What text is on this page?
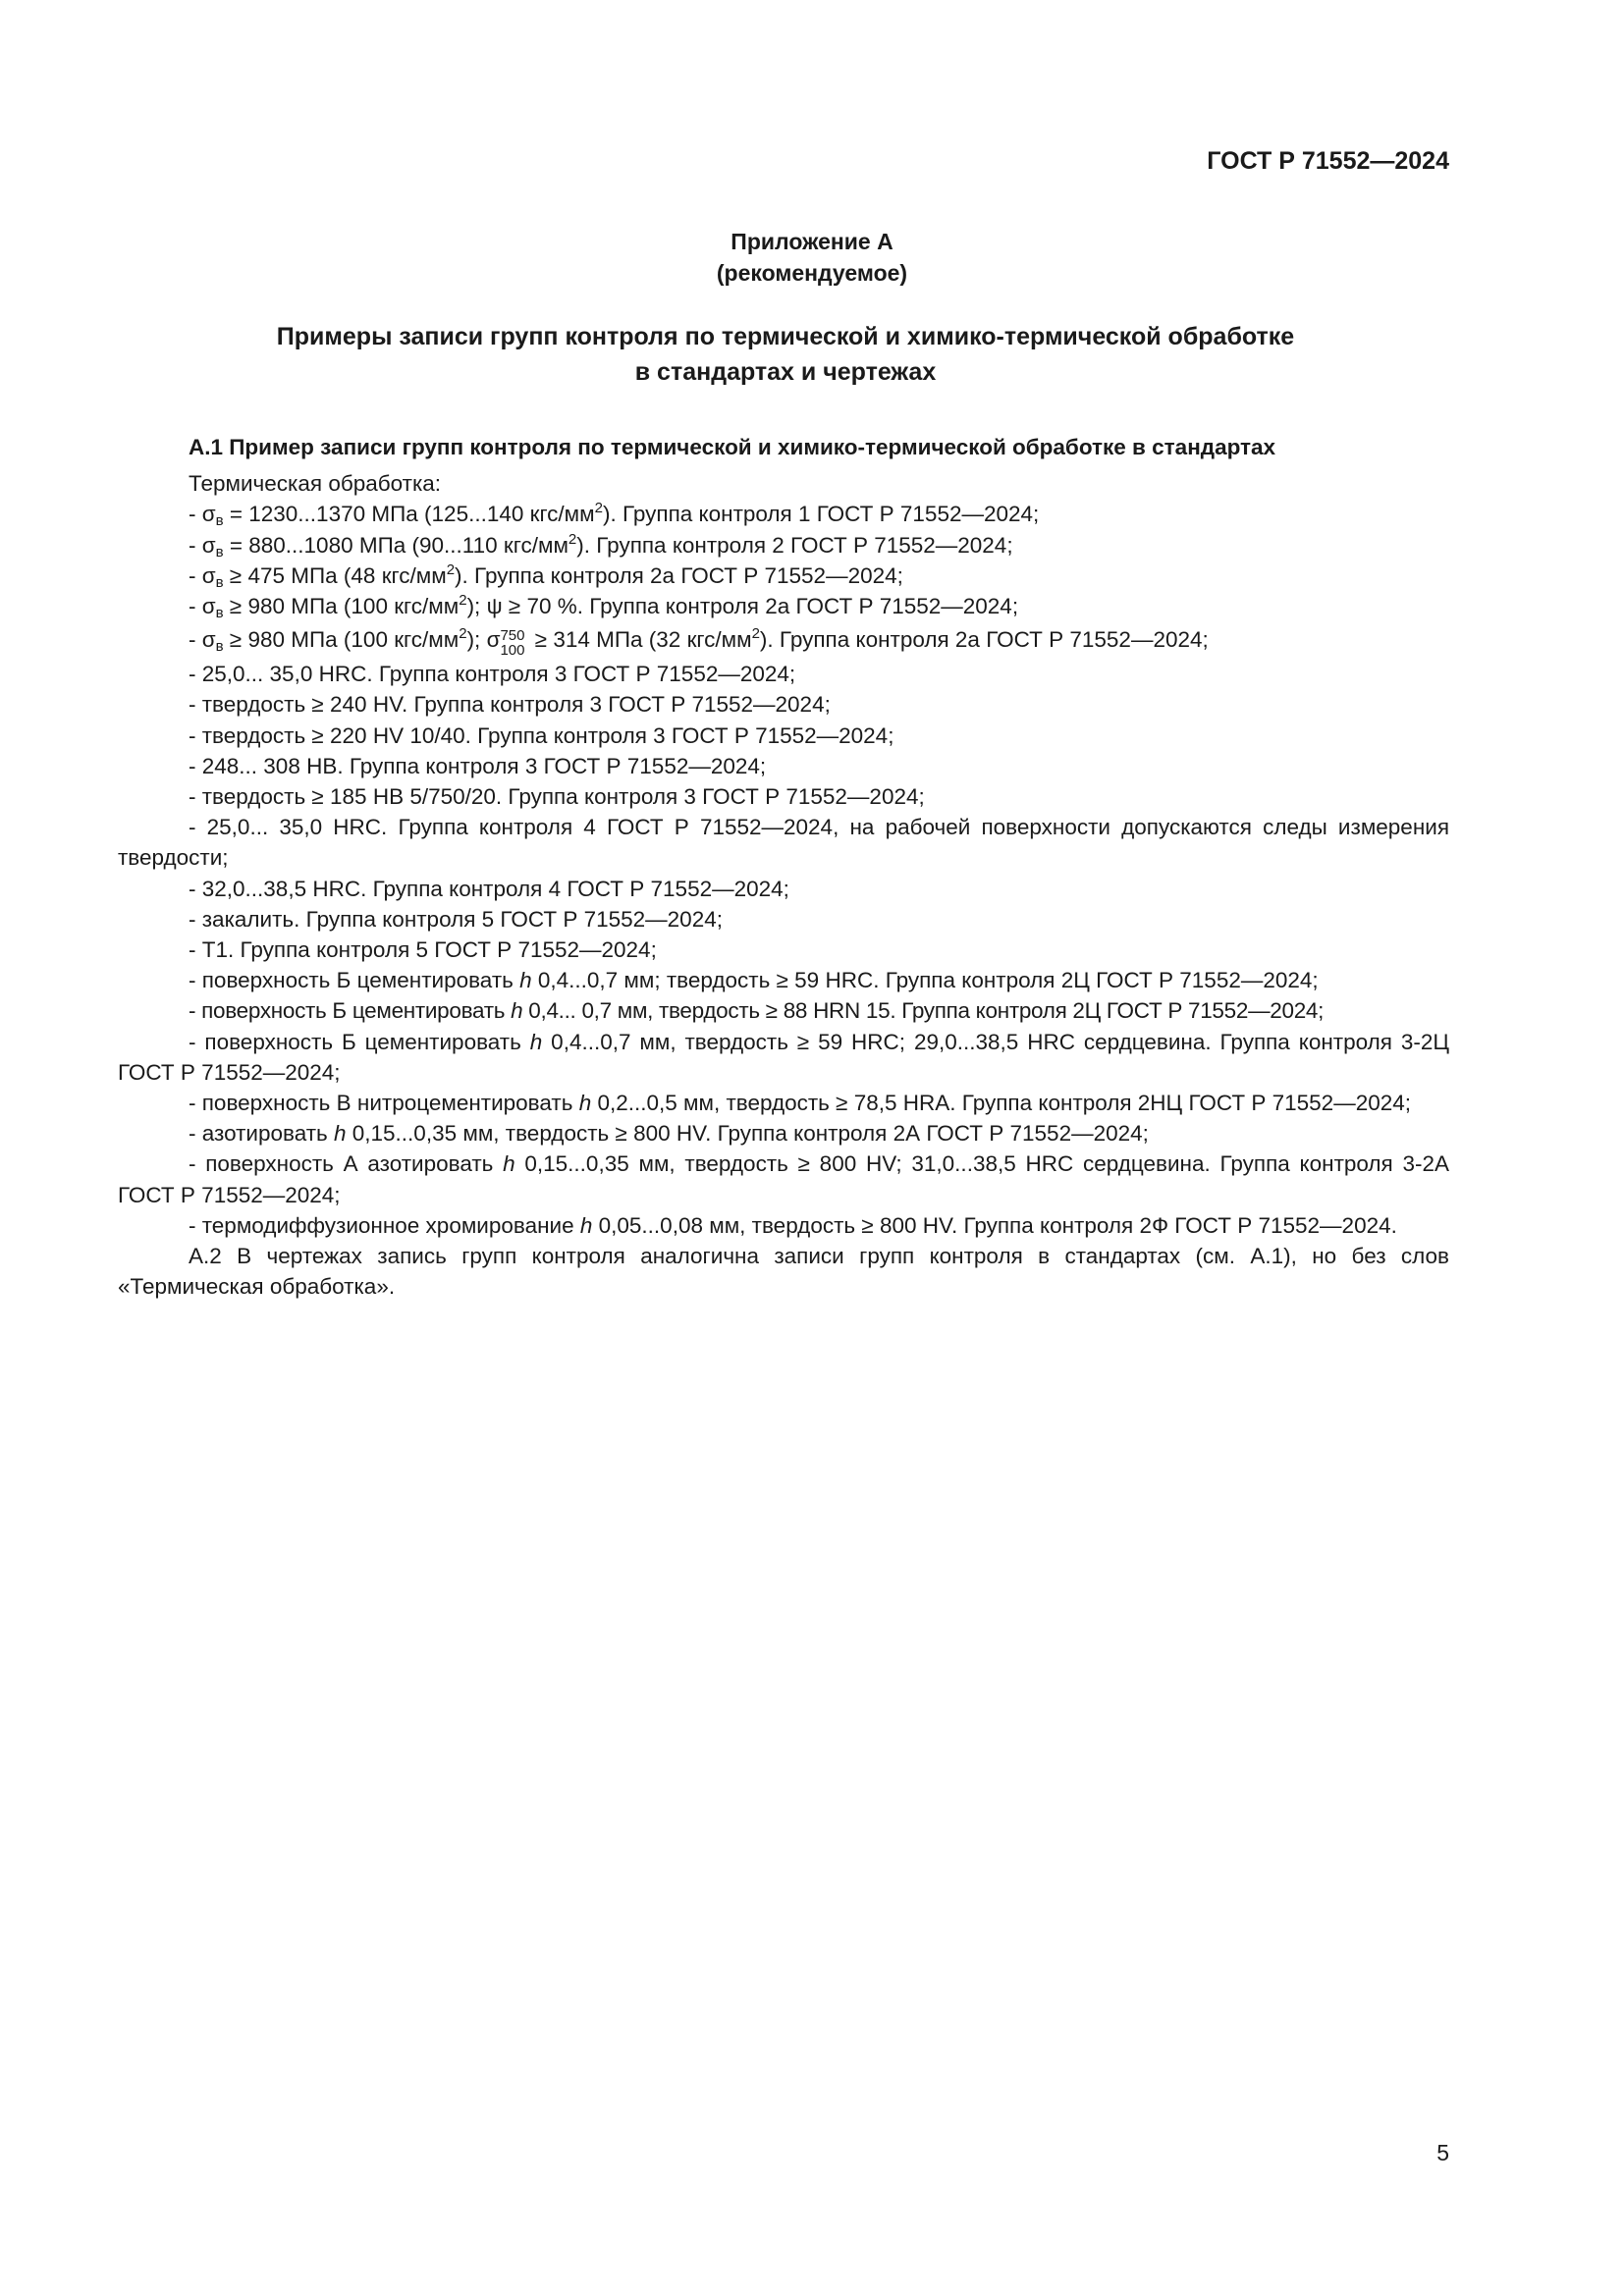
ГОСТ Р 71552—2024

Приложение А
(рекомендуемое)
Примеры записи групп контроля по термической и химико-термической обработке
в стандартах и чертежах

А.1 Пример записи групп контроля по термической и химико-термической обработке в стандартах

Термическая обработка:

- $\sigma_в = 1230...1370$ МПа (125...140 кгс/$мм^2$). Группа контроля 1 ГОСТ Р 71552—2024;

- $\sigma_в = 880...1080$ МПа (90...110 кгс/$мм^2$). Группа контроля 2 ГОСТ Р 71552—2024;

- $\sigma_в \ge 475$ МПа (48 кгс/$мм^2$). Группа контроля 2а ГОСТ Р 71552—2024;

- $\sigma_в \ge 980$ МПа (100 кгс/$мм^2$); ψ ≥ 70 %. Группа контроля 2а ГОСТ Р 71552—2024;

- $\sigma_в \ge 980$ МПа (100 кгс/$мм^2$); σ 750
100 ≥ 314 МПа (32 кгс/$мм^2$). Группа контроля 2а ГОСТ Р 71552—2024;

- 25,0... 35,0 HRC. Группа контроля 3 ГОСТ Р 71552—2024;

- твердость ≥ 240 HV. Группа контроля 3 ГОСТ Р 71552—2024;

- твердость ≥ 220 HV 10/40. Группа контроля 3 ГОСТ Р 71552—2024;

- 248... 308 НВ. Группа контроля 3 ГОСТ Р 71552—2024;

- твердость ≥ 185 НВ 5/750/20. Группа контроля 3 ГОСТ Р 71552—2024;

- 25,0... 35,0 HRC. Группа контроля 4 ГОСТ Р 71552—2024, на рабочей поверхности допускаются следы измерения твердости;

- 32,0...38,5 HRC. Группа контроля 4 ГОСТ Р 71552—2024;

- закалить. Группа контроля 5 ГОСТ Р 71552—2024;

- Т1. Группа контроля 5 ГОСТ Р 71552—2024;

- поверхность Б цементировать h 0,4...0,7 мм; твердость ≥ 59 HRC. Группа контроля 2Ц ГОСТ Р 71552—2024;

- поверхность Б цементировать h 0,4... 0,7 мм, твердость ≥ 88 HRN 15. Группа контроля 2Ц ГОСТ Р 71552—2024;

- поверхность Б цементировать h 0,4...0,7 мм, твердость ≥ 59 HRC; 29,0...38,5 HRC сердцевина. Группа контроля 3-2Ц ГОСТ Р 71552—2024;

- поверхность В нитроцементировать h 0,2...0,5 мм, твердость ≥ 78,5 HRA. Группа контроля 2НЦ ГОСТ Р 71552—2024;

- азотировать h 0,15...0,35 мм, твердость ≥ 800 HV. Группа контроля 2А ГОСТ Р 71552—2024;

- поверхность А азотировать h 0,15...0,35 мм, твердость ≥ 800 HV; 31,0...38,5 HRC сердцевина. Группа контроля 3-2А ГОСТ Р 71552—2024;

- термодиффузионное хромирование h 0,05...0,08 мм, твердость ≥ 800 HV. Группа контроля 2Ф ГОСТ Р 71552—2024.

А.2 В чертежах запись групп контроля аналогична записи групп контроля в стандартах (см. А.1), но без слов «Термическая обработка».

5
